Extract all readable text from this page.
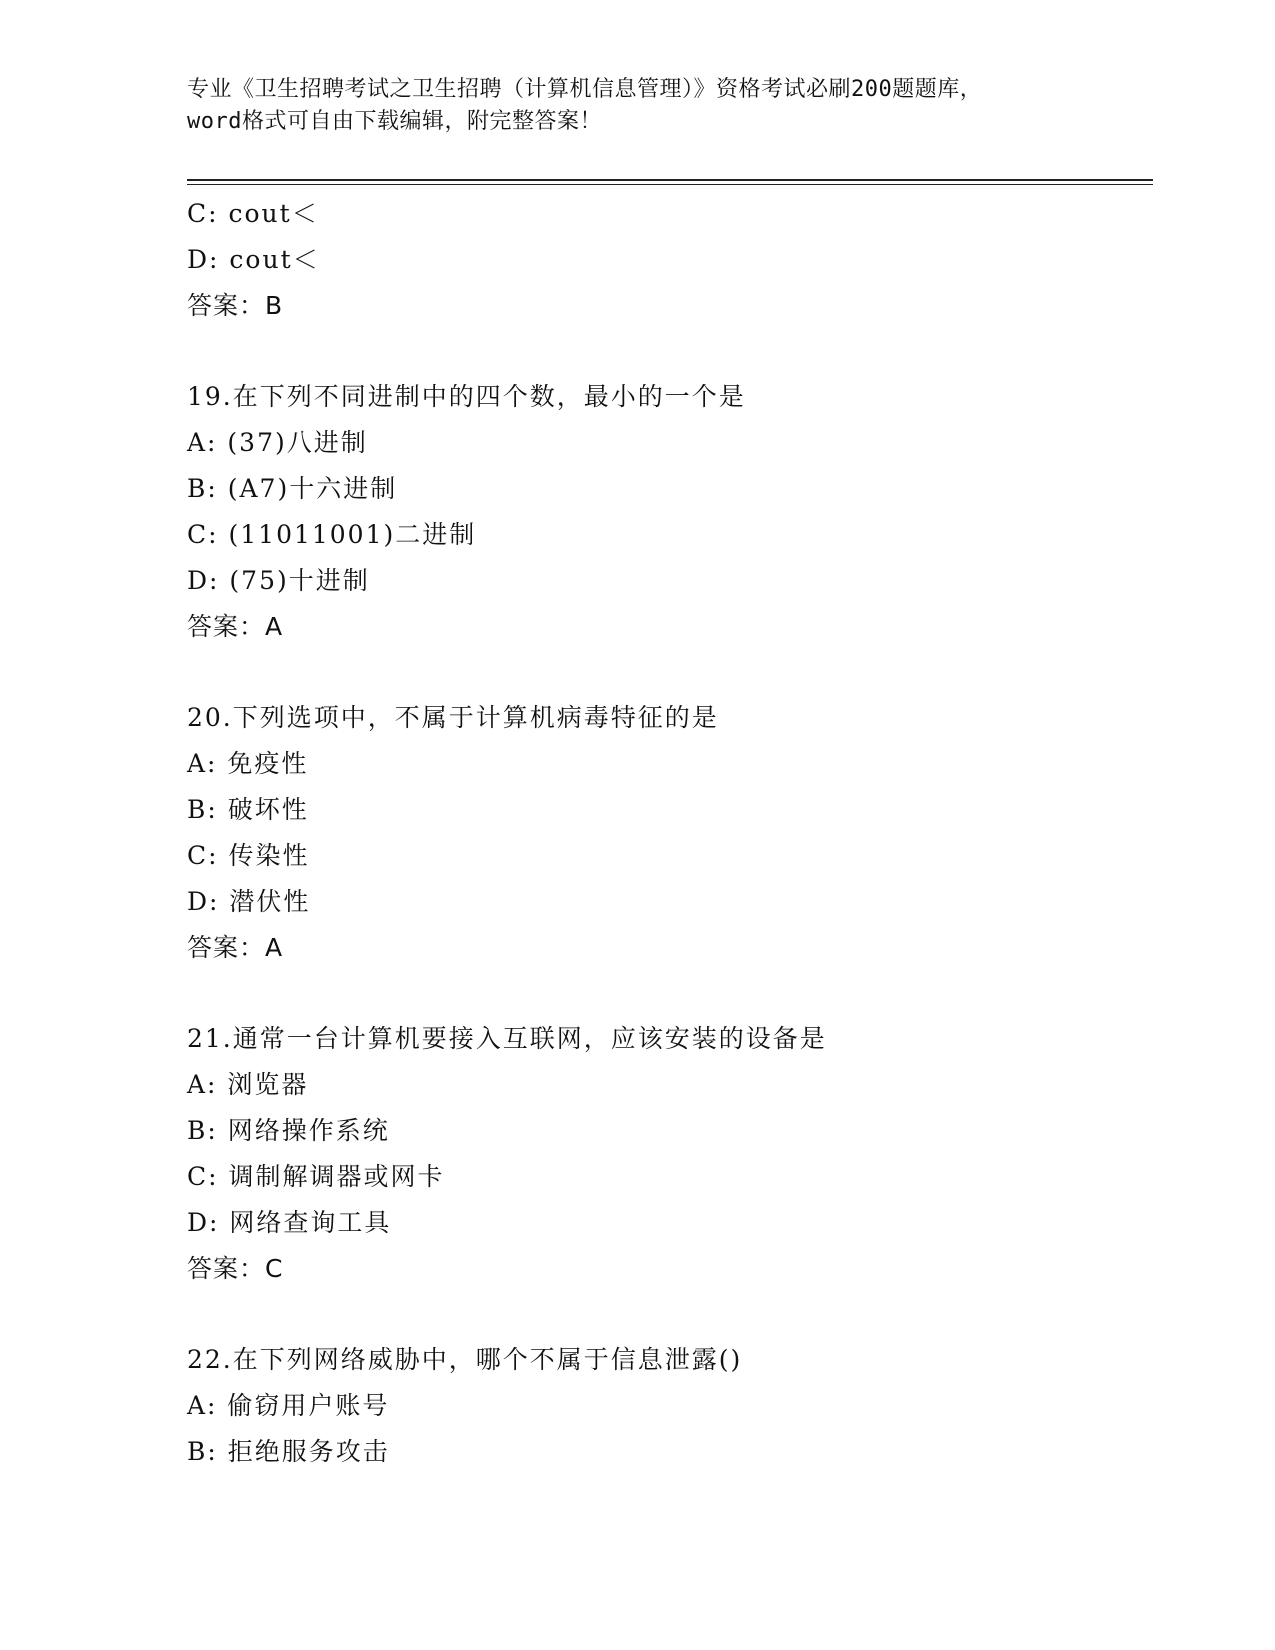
专业《卫生招聘考试之卫生招聘（计算机信息管理）》资格考试必刷200题题库，
word格式可自由下载编辑，附完整答案！
C: cout＜
D: cout＜
答案：B
19.在下列不同进制中的四个数，最小的一个是
A: (37)八进制
B: (A7)十六进制
C: (11011001)二进制
D: (75)十进制
答案：A
20.下列选项中，不属于计算机病毒特征的是
A: 免疫性
B: 破坏性
C: 传染性
D: 潜伏性
答案：A
21.通常一台计算机要接入互联网，应该安装的设备是
A: 浏览器
B: 网络操作系统
C: 调制解调器或网卡
D: 网络查询工具
答案：C
22.在下列网络威胁中，哪个不属于信息泄露()
A: 偷窃用户账号
B: 拒绝服务攻击
